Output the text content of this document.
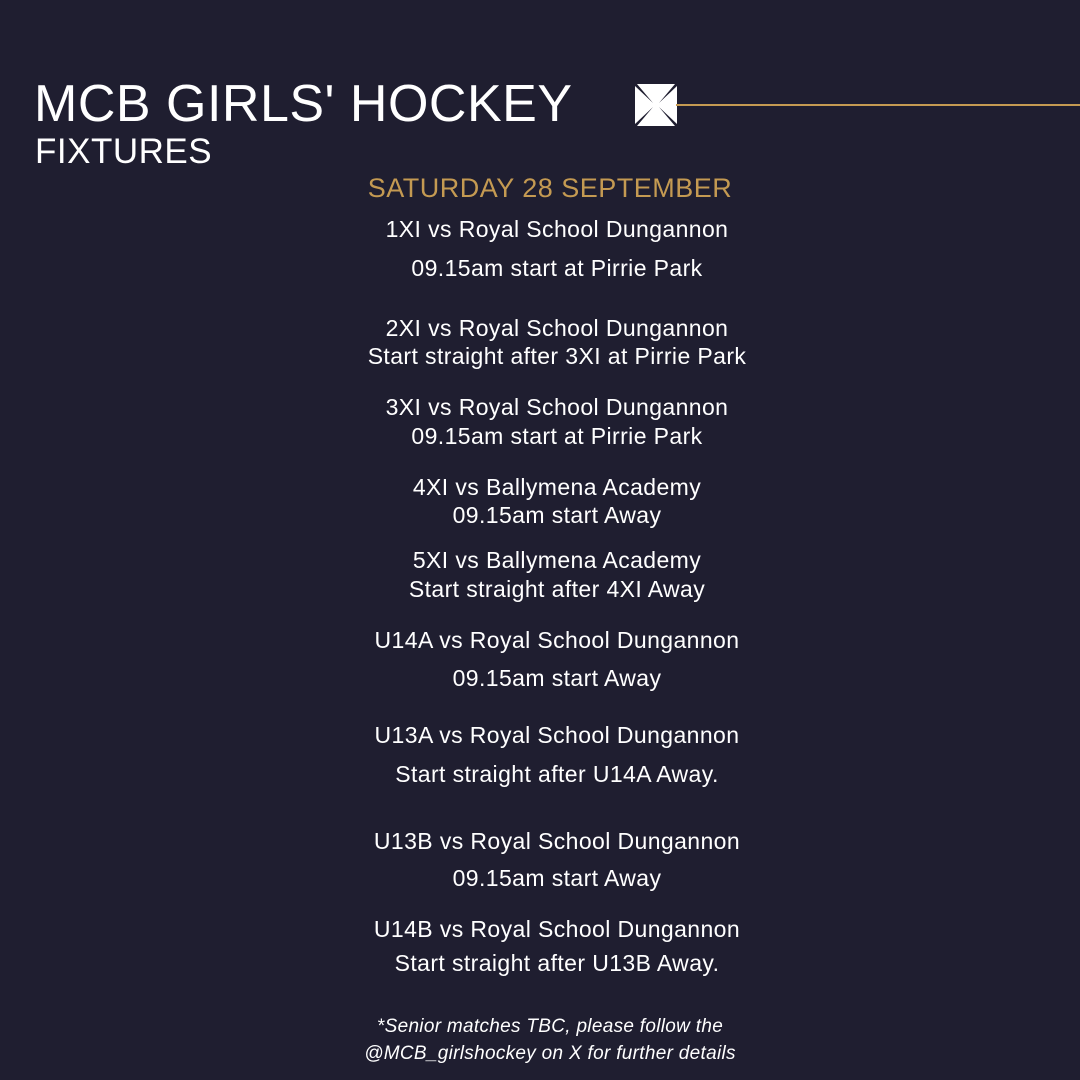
MCB GIRLS' HOCKEY
FIXTURES
SATURDAY 28 SEPTEMBER
1XI vs Royal School Dungannon
09.15am start at Pirrie Park
2XI vs Royal School Dungannon
Start straight after 3XI at Pirrie Park
3XI vs Royal School Dungannon
09.15am start at Pirrie Park
4XI vs Ballymena Academy
09.15am start Away
5XI vs Ballymena Academy
Start straight after 4XI Away
U14A vs Royal School Dungannon
09.15am start Away
U13A vs Royal School Dungannon
Start straight after U14A Away.
U13B vs Royal School Dungannon
09.15am start Away
U14B vs Royal School Dungannon
Start straight after U13B Away.
*Senior matches TBC, please follow the
@MCB_girlshockey on X for further details
